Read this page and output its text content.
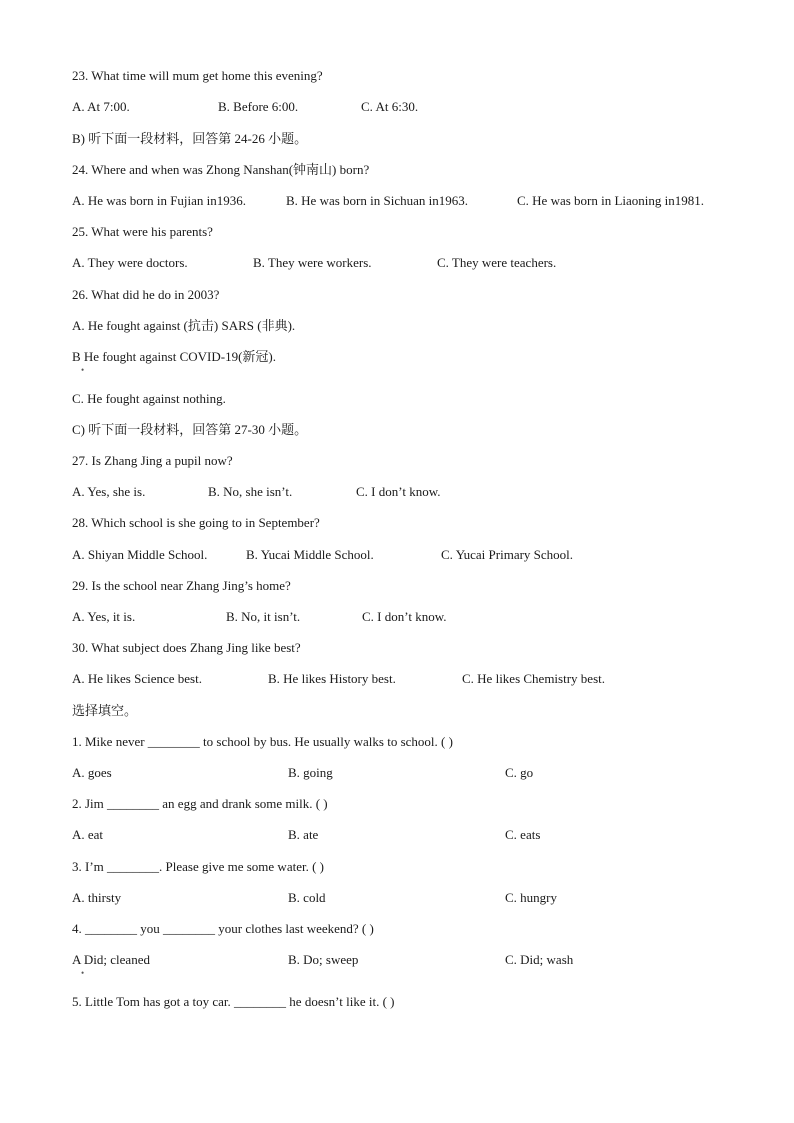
23. What time will mum get home this evening?
A. At 7:00.	B. Before 6:00.	C. At 6:30.
B) 听下面一段材料，回答第 24-26 小题。
24. Where and when was Zhong Nanshan(钟南山) born?
A. He was born in Fujian in1936.	B. He was born in Sichuan in1963.	C. He was born in Liaoning in1981.
25. What were his parents?
A. They were doctors.	B. They were workers.	C. They were teachers.
26. What did he do in 2003?
A. He fought against (抗击) SARS (非典).
B He fought against COVID-19(新冠).
•
C. He fought against nothing.
C) 听下面一段材料，回答第 27-30 小题。
27. Is Zhang Jing a pupil now?
A. Yes, she is.	B. No, she isn’t.	C. I don’t know.
28. Which school is she going to in September?
A. Shiyan Middle School.	B. Yucai Middle School.	C. Yucai Primary School.
29. Is the school near Zhang Jing’s home?
A. Yes, it is.	B. No, it isn’t.	C. I don’t know.
30. What subject does Zhang Jing like best?
A. He likes Science best.	B. He likes History best.	C. He likes Chemistry best.
选择填空。
1. Mike never ________ to school by bus. He usually walks to school. ( )
A. goes	B. going	C. go
2. Jim ________ an egg and drank some milk. ( )
A. eat	B. ate	C. eats
3. I’m ________. Please give me some water. ( )
A. thirsty	B. cold	C. hungry
4. ________ you ________ your clothes last weekend? ( )
A Did; cleaned
•
B. Do; sweep	C. Did; wash
5. Little Tom has got a toy car. ________ he doesn’t like it. ( )
